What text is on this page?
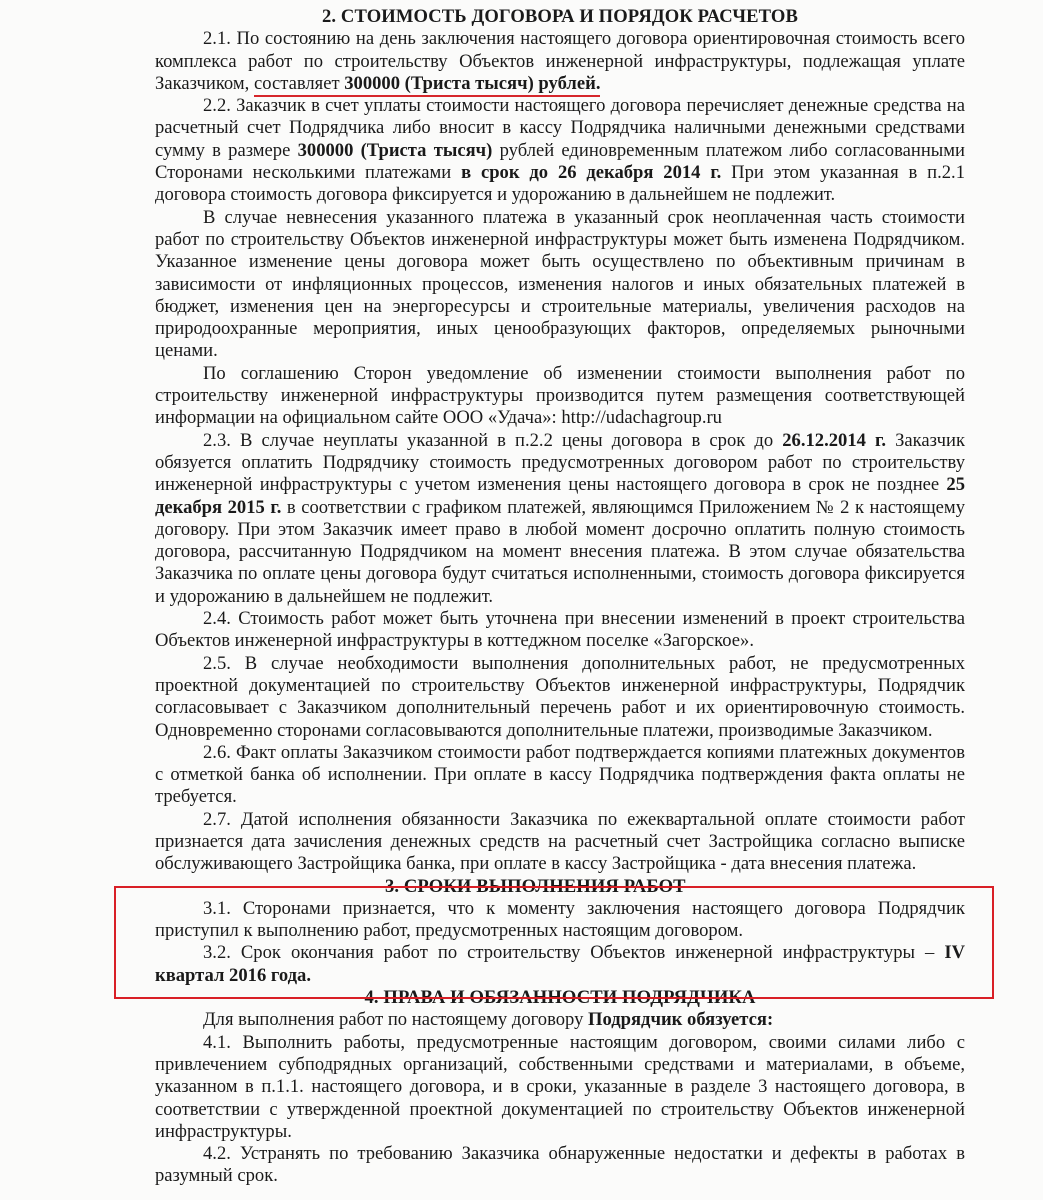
2. СТОИМОСТЬ ДОГОВОРА И ПОРЯДОК РАСЧЕТОВ

2.1. По состоянию на день заключения настоящего договора ориентировочная стоимость всего комплекса работ по строительству Объектов инженерной инфраструктуры, подлежащая уплате Заказчиком, составляет 300000 (Триста тысяч) рублей.

2.2. Заказчик в счет уплаты стоимости настоящего договора перечисляет денежные средства на расчетный счет Подрядчика либо вносит в кассу Подрядчика наличными денежными средствами сумму в размере 300000 (Триста тысяч) рублей единовременным платежом либо согласованными Сторонами несколькими платежами в срок до 26 декабря 2014 г. При этом указанная в п.2.1 договора стоимость договора фиксируется и удорожанию в дальнейшем не подлежит.

В случае невнесения указанного платежа в указанный срок неоплаченная часть стоимости работ по строительству Объектов инженерной инфраструктуры может быть изменена Подрядчиком. Указанное изменение цены договора может быть осуществлено по объективным причинам в зависимости от инфляционных процессов, изменения налогов и иных обязательных платежей в бюджет, изменения цен на энергоресурсы и строительные материалы, увеличения расходов на природоохранные мероприятия, иных ценообразующих факторов, определяемых рыночными ценами.

По соглашению Сторон уведомление об изменении стоимости выполнения работ по строительству инженерной инфраструктуры производится путем размещения соответствующей информации на официальном сайте ООО «Удача»: http://udachagroup.ru

2.3. В случае неуплаты указанной в п.2.2 цены договора в срок до 26.12.2014 г. Заказчик обязуется оплатить Подрядчику стоимость предусмотренных договором работ по строительству инженерной инфраструктуры с учетом изменения цены настоящего договора в срок не позднее 25 декабря 2015 г. в соответствии с графиком платежей, являющимся Приложением № 2 к настоящему договору. При этом Заказчик имеет право в любой момент досрочно оплатить полную стоимость договора, рассчитанную Подрядчиком на момент внесения платежа. В этом случае обязательства Заказчика по оплате цены договора будут считаться исполненными, стоимость договора фиксируется и удорожанию в дальнейшем не подлежит.

2.4. Стоимость работ может быть уточнена при внесении изменений в проект строительства Объектов инженерной инфраструктуры в коттеджном поселке «Загорское».

2.5. В случае необходимости выполнения дополнительных работ, не предусмотренных проектной документацией по строительству Объектов инженерной инфраструктуры, Подрядчик согласовывает с Заказчиком дополнительный перечень работ и их ориентировочную стоимость. Одновременно сторонами согласовываются дополнительные платежи, производимые Заказчиком.

2.6. Факт оплаты Заказчиком стоимости работ подтверждается копиями платежных документов с отметкой банка об исполнении. При оплате в кассу Подрядчика подтверждения факта оплаты не требуется.

2.7. Датой исполнения обязанности Заказчика по ежеквартальной оплате стоимости работ признается дата зачисления денежных средств на расчетный счет Застройщика согласно выписке обслуживающего Застройщика банка, при оплате в кассу Застройщика - дата внесения платежа.

3. СРОКИ ВЫПОЛНЕНИЯ РАБОТ

3.1. Сторонами признается, что к моменту заключения настоящего договора Подрядчик приступил к выполнению работ, предусмотренных настоящим договором.

3.2. Срок окончания работ по строительству Объектов инженерной инфраструктуры – IV квартал 2016 года.

4. ПРАВА И ОБЯЗАННОСТИ ПОДРЯДЧИКА

Для выполнения работ по настоящему договору Подрядчик обязуется:

4.1. Выполнить работы, предусмотренные настоящим договором, своими силами либо с привлечением субподрядных организаций, собственными средствами и материалами, в объеме, указанном в п.1.1. настоящего договора, и в сроки, указанные в разделе 3 настоящего договора, в соответствии с утвержденной проектной документацией по строительству Объектов инженерной инфраструктуры.

4.2. Устранять по требованию Заказчика обнаруженные недостатки и дефекты в работах в разумный срок.
